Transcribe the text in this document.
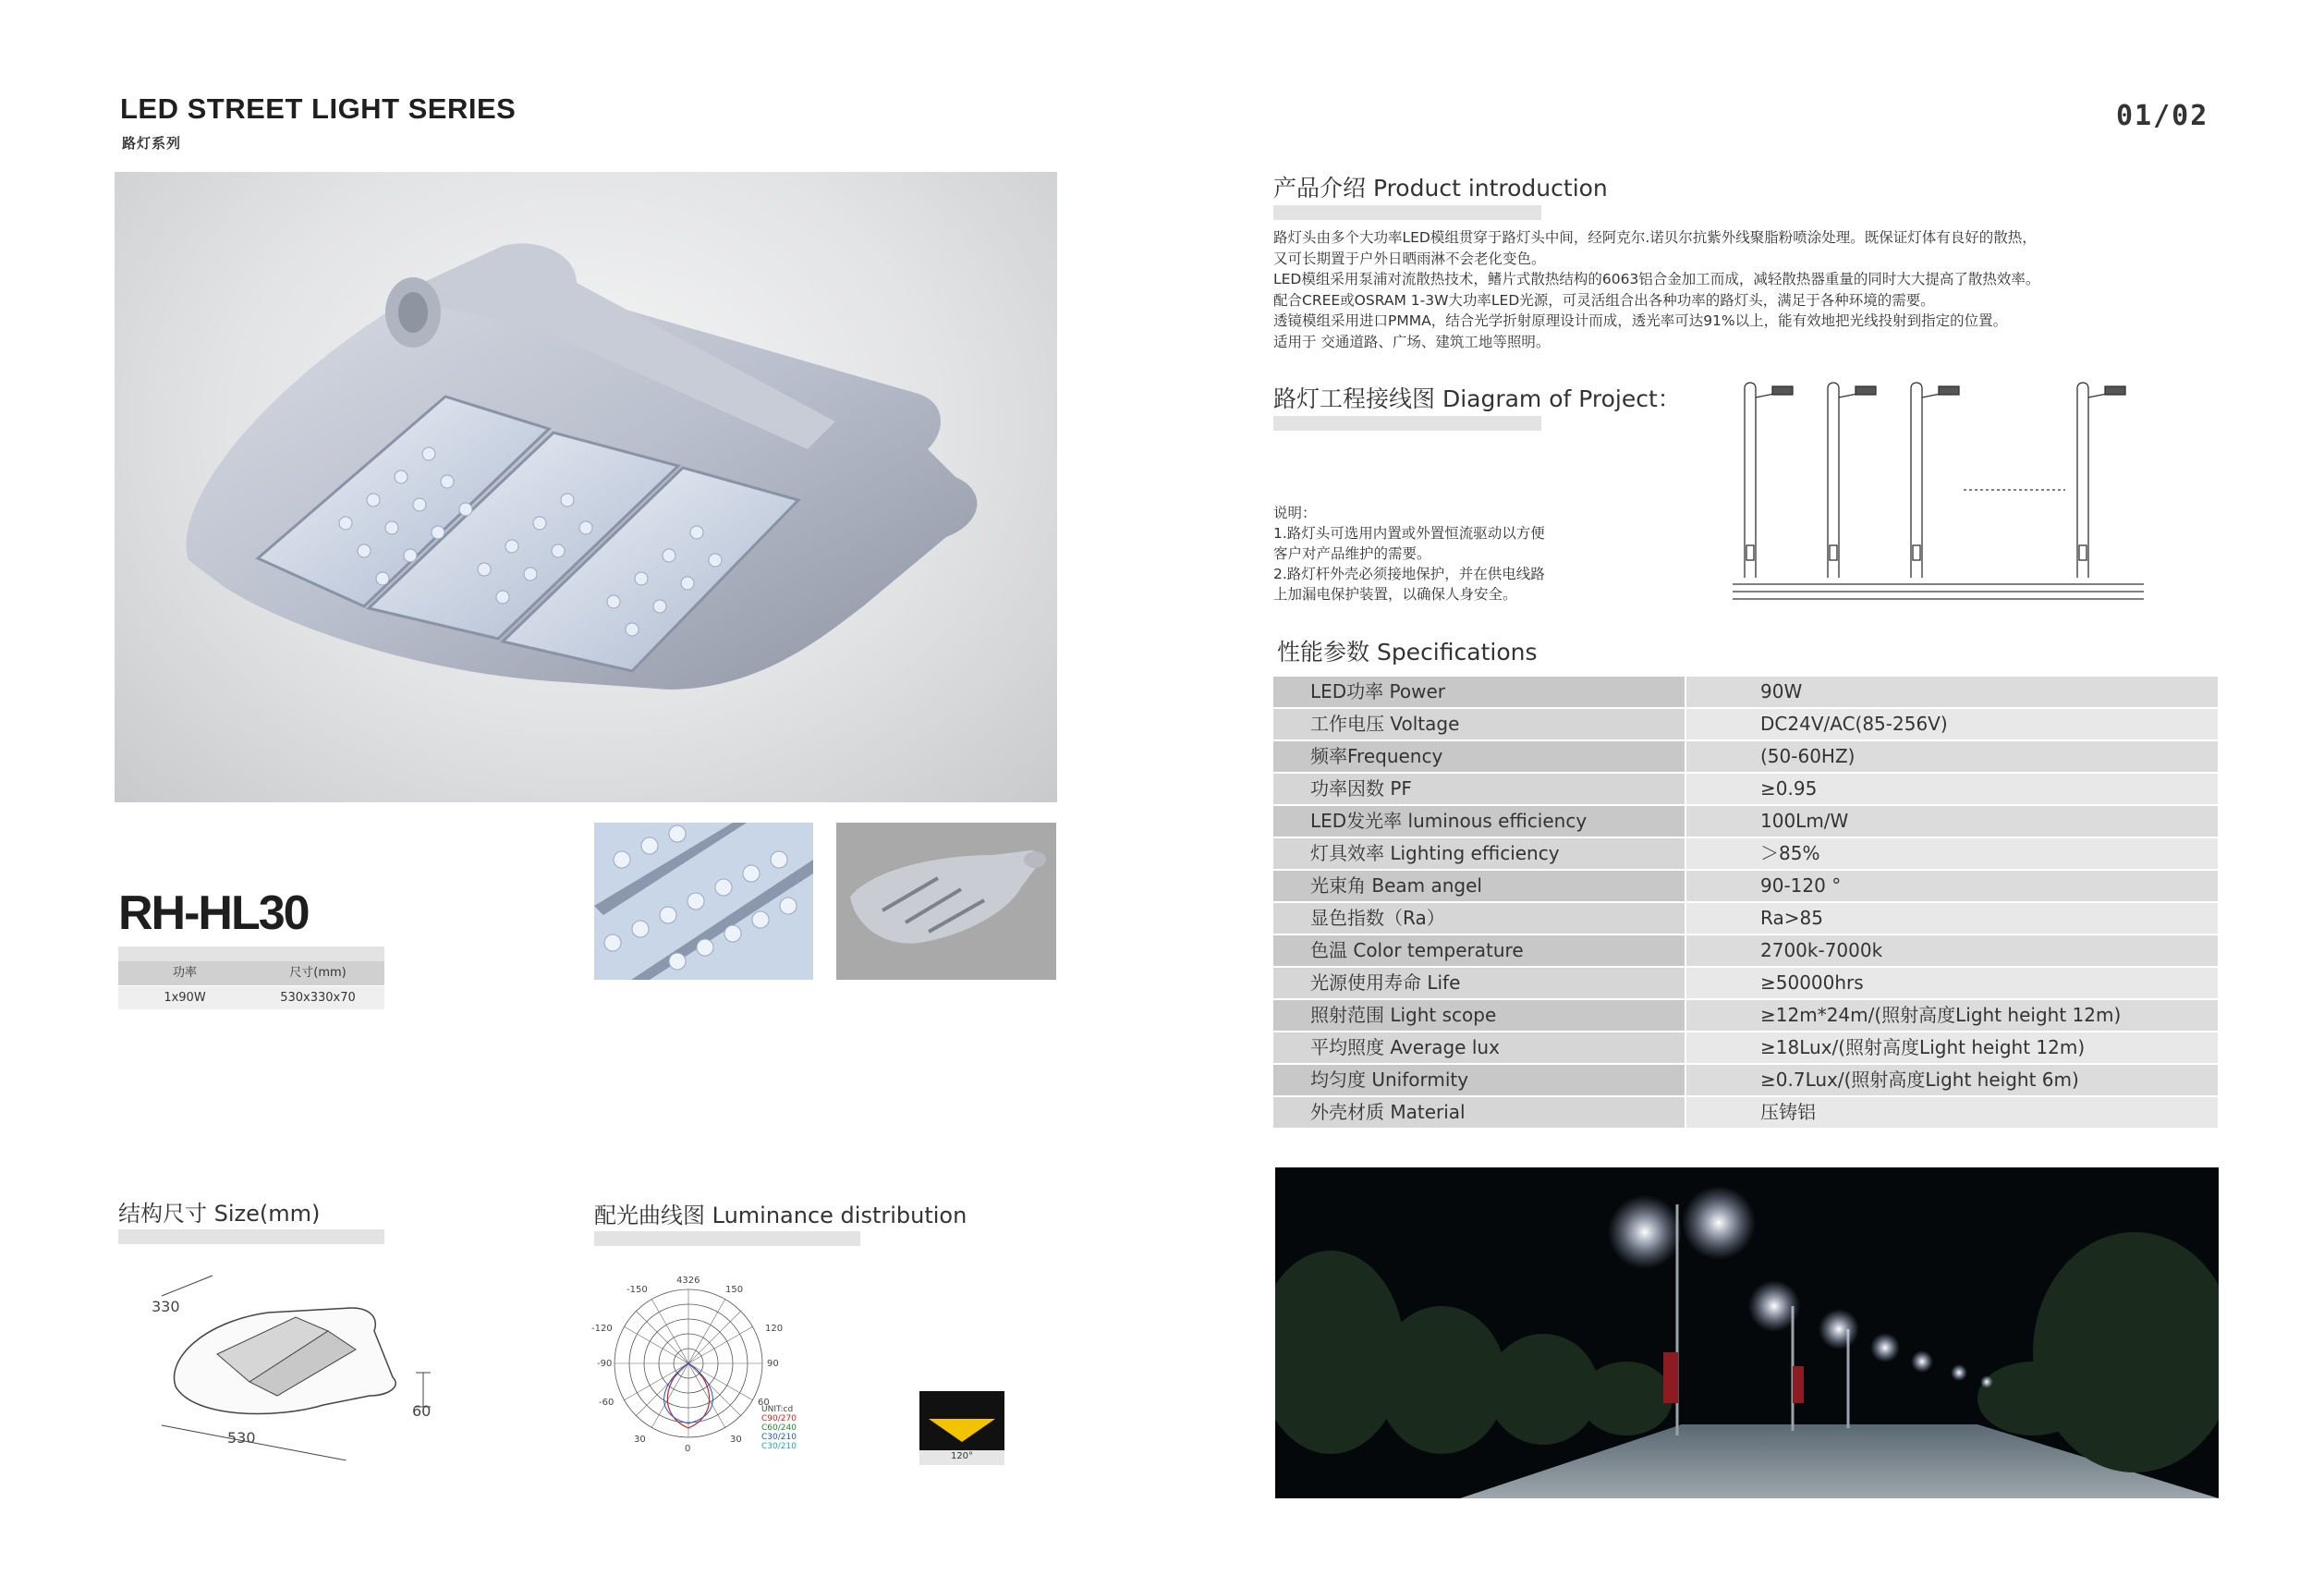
LED STREET LIGHT SERIES
路灯系列
01/02
RH-HL30
功率	尺寸(mm)
1x90W	530x330x70
结构尺寸 Size(mm)
330
530
60
配光曲线图 Luminance distribution
4326
-150	150
-120	120
-90	90
-60	60
30
0
30
UNIT:cd
C90/270
C60/240
C30/210
C30/210
120°
产品介绍 Product introduction

路灯头由多个大功率LED模组贯穿于路灯头中间，经阿克尔.诺贝尔抗紫外线聚脂粉喷涂处理。既保证灯体有良好的散热，

又可长期置于户外日晒雨淋不会老化变色。

LED模组采用泵浦对流散热技术，鳍片式散热结构的6063铝合金加工而成，减轻散热器重量的同时大大提高了散热效率。

配合CREE或OSRAM 1-3W大功率LED光源，可灵活组合出各种功率的路灯头，满足于各种环境的需要。

透镜模组采用进口PMMA，结合光学折射原理设计而成，透光率可达91%以上，能有效地把光线投射到指定的位置。

适用于 交通道路、广场、建筑工地等照明。

路灯工程接线图 Diagram of Project：

说明：

1.路灯头可选用内置或外置恒流驱动以方便

客户对产品维护的需要。

2.路灯杆外壳必须接地保护，并在供电线路

上加漏电保护装置，以确保人身安全。

性能参数 Specifications
LED功率 Power	90W
工作电压 Voltage	DC24V/AC(85-256V)
频率Frequency	(50-60HZ)
功率因数 PF	≥0.95
LED发光率 luminous efficiency	100Lm/W
灯具效率 Lighting efficiency	＞85%
光束角 Beam angel	90-120 °
显色指数（Ra）	Ra>85
色温 Color temperature	2700k-7000k
光源使用寿命 Life	≥50000hrs
照射范围 Light scope	≥12m*24m/(照射高度Light height 12m)
平均照度 Average lux	≥18Lux/(照射高度Light height 12m)
均匀度 Uniformity	≥0.7Lux/(照射高度Light height 6m)
外壳材质 Material	压铸铝
